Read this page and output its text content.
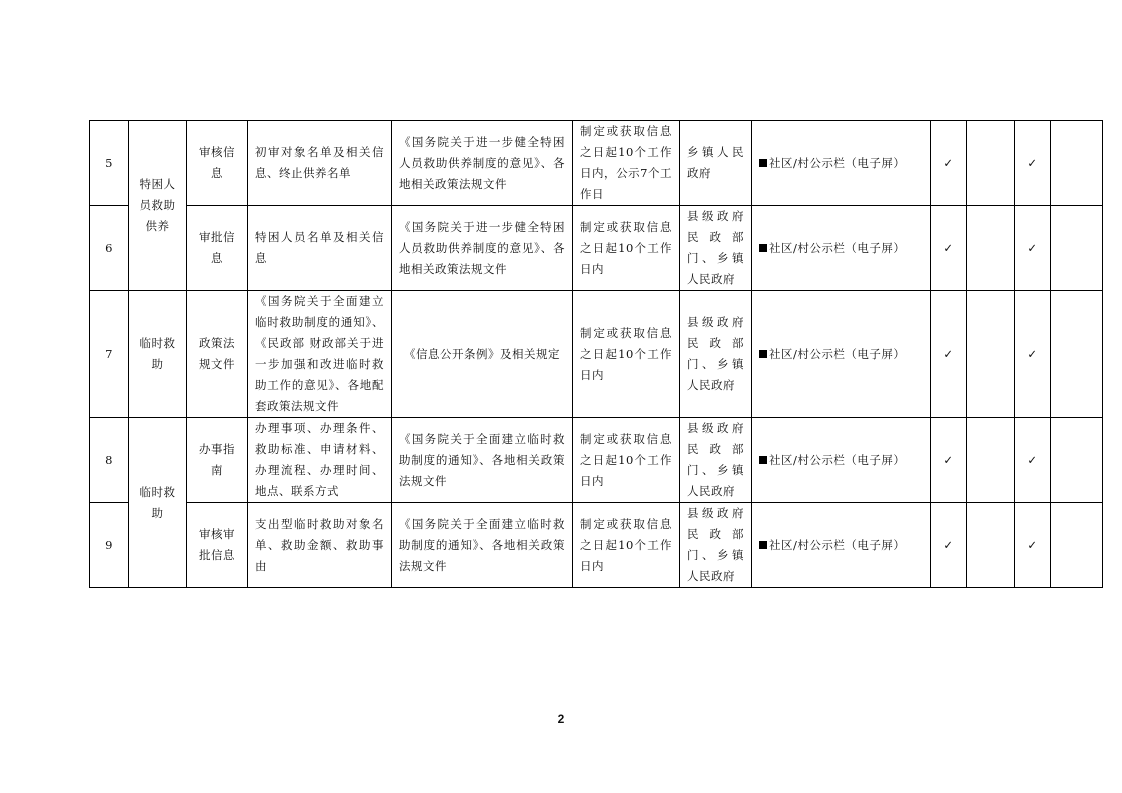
5	特困人员救助供养	审核信息	初审对象名单及相关信息、终止供养名单	《国务院关于进一步健全特困人员救助供养制度的意见》、各地相关政策法规文件	制定或获取信息之日起10个工作日内，公示7个工作日	乡镇人民政府	社区/村公示栏（电子屏）	✓		✓	
6		审批信息	特困人员名单及相关信息	《国务院关于进一步健全特困人员救助供养制度的意见》、各地相关政策法规文件	制定或获取信息之日起10个工作日内	县级政府民政部门、乡镇人民政府	社区/村公示栏（电子屏）	✓		✓	
7	临时救助	政策法规文件	《国务院关于全面建立临时救助制度的通知》、《民政部 财政部关于进一步加强和改进临时救助工作的意见》、各地配套政策法规文件	《信息公开条例》及相关规定	制定或获取信息之日起10个工作日内	县级政府民政部门、乡镇人民政府	社区/村公示栏（电子屏）	✓		✓	
8	临时救助	办事指南	办理事项、办理条件、救助标准、申请材料、办理流程、办理时间、地点、联系方式	《国务院关于全面建立临时救助制度的通知》、各地相关政策法规文件	制定或获取信息之日起10个工作日内	县级政府民政部门、乡镇人民政府	社区/村公示栏（电子屏）	✓		✓	
9		审核审批信息	支出型临时救助对象名单、救助金额、救助事由	《国务院关于全面建立临时救助制度的通知》、各地相关政策法规文件	制定或获取信息之日起10个工作日内	县级政府民政部门、乡镇人民政府	社区/村公示栏（电子屏）	✓		✓	
2
